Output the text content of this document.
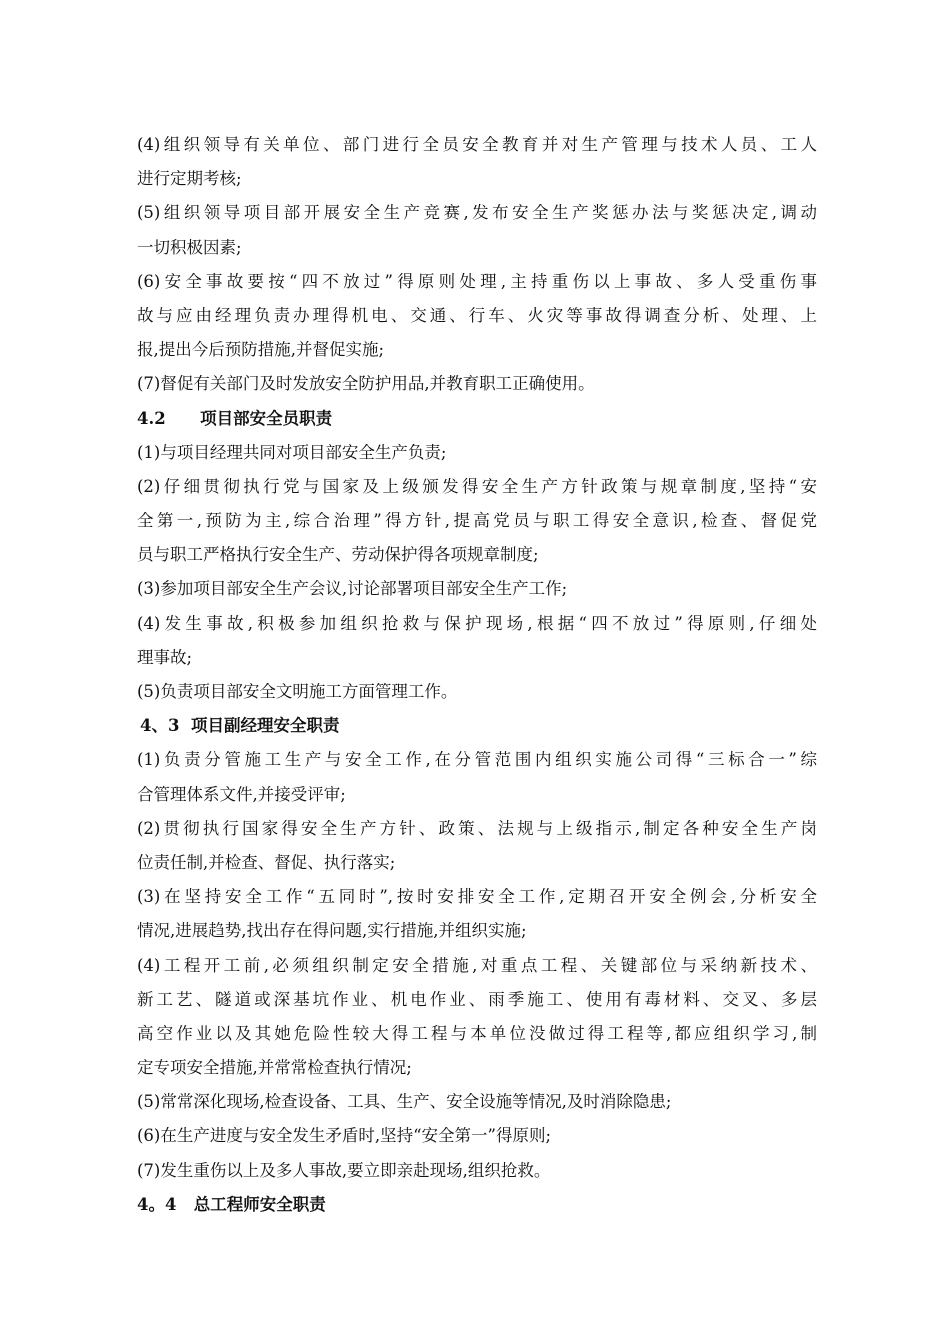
(4)组织领导有关单位、部门进行全员安全教育并对生产管理与技术人员、工人
进行定期考核;
(5)组织领导项目部开展安全生产竞赛,发布安全生产奖惩办法与奖惩决定,调动
一切积极因素;
(6)安全事故要按“四不放过”得原则处理,主持重伤以上事故、多人受重伤事
故与应由经理负责办理得机电、交通、行车、火灾等事故得调查分析、处理、上
报,提出今后预防措施,并督促实施;
(7)督促有关部门及时发放安全防护用品,并教育职工正确使用。
4.2      项目部安全员职责
(1)与项目经理共同对项目部安全生产负责;
(2)仔细贯彻执行党与国家及上级颁发得安全生产方针政策与规章制度,坚持“安
全第一,预防为主,综合治理”得方针,提高党员与职工得安全意识,检查、督促党
员与职工严格执行安全生产、劳动保护得各项规章制度;
(3)参加项目部安全生产会议,讨论部署项目部安全生产工作;
(4)发生事故,积极参加组织抢救与保护现场,根据“四不放过”得原则,仔细处
理事故;
(5)负责项目部安全文明施工方面管理工作。
4、3  项目副经理安全职责
(1)负责分管施工生产与安全工作,在分管范围内组织实施公司得“三标合一”综
合管理体系文件,并接受评审;
(2)贯彻执行国家得安全生产方针、政策、法规与上级指示,制定各种安全生产岗
位责任制,并检查、督促、执行落实;
(3)在坚持安全工作“五同时”,按时安排安全工作,定期召开安全例会,分析安全
情况,进展趋势,找出存在得问题,实行措施,并组织实施;
(4)工程开工前,必须组织制定安全措施,对重点工程、关键部位与采纳新技术、
新工艺、隧道或深基坑作业、机电作业、雨季施工、使用有毒材料、交叉、多层
高空作业以及其她危险性较大得工程与本单位没做过得工程等,都应组织学习,制
定专项安全措施,并常常检查执行情况;
(5)常常深化现场,检查设备、工具、生产、安全设施等情况,及时消除隐患;
(6)在生产进度与安全发生矛盾时,坚持“安全第一”得原则;
(7)发生重伤以上及多人事故,要立即亲赴现场,组织抢救。
4。4   总工程师安全职责
